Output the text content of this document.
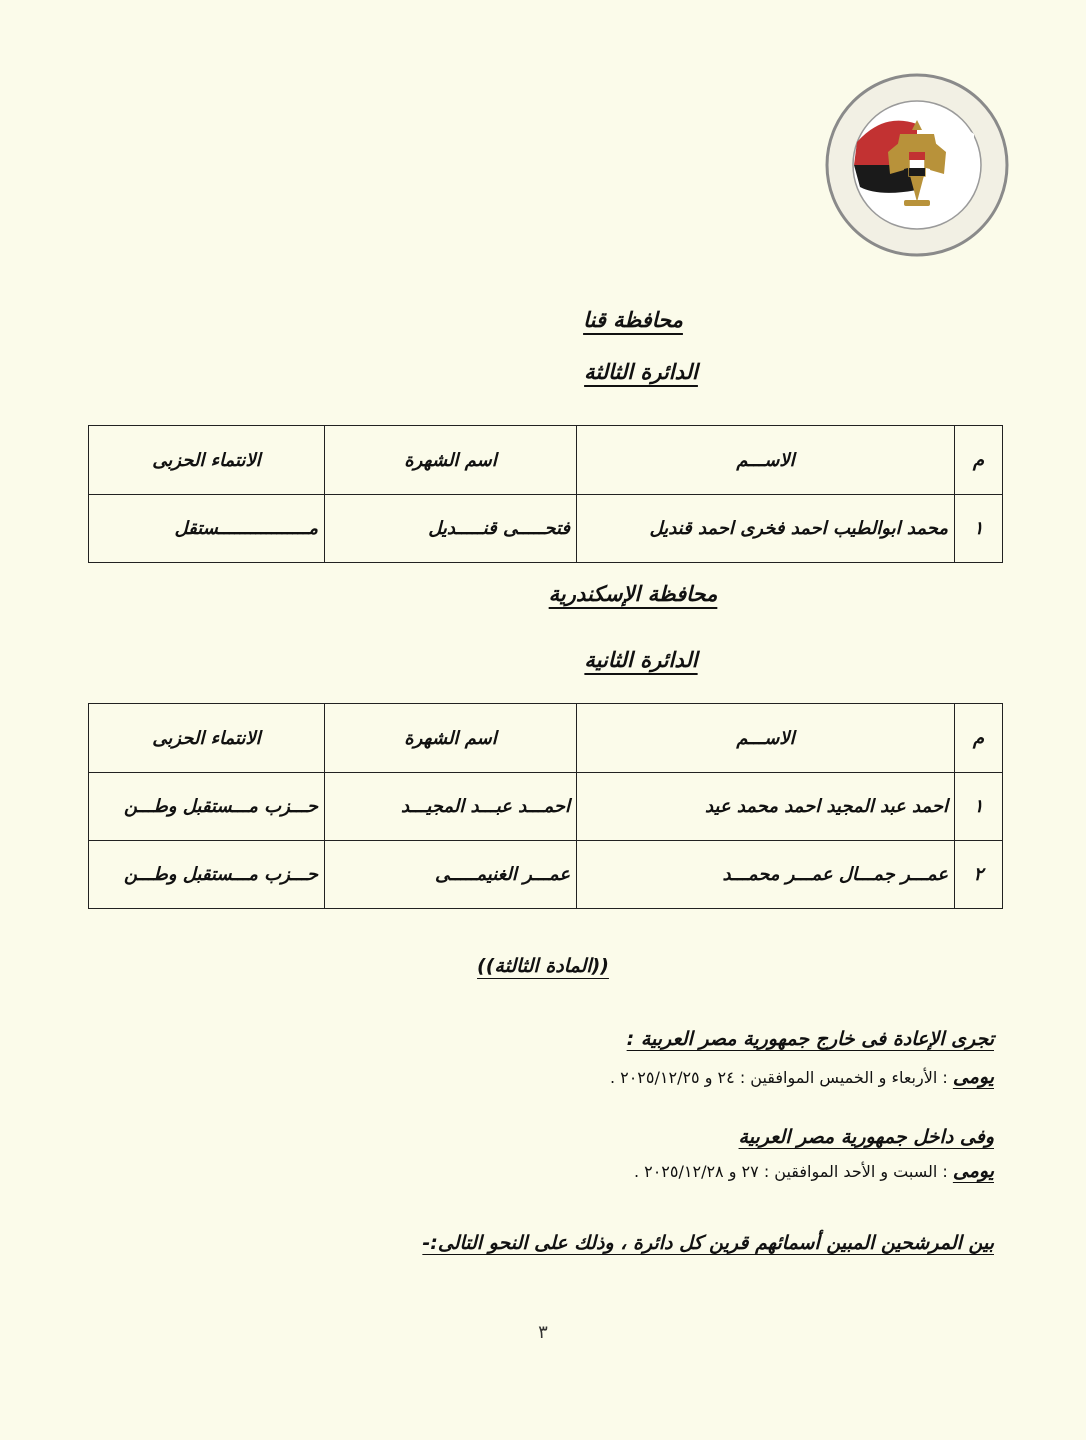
محافظة قنا
الدائرة الثالثة
م	الاســـم	اسم الشهرة	الانتماء الحزبى
١	محمد ابوالطيب احمد فخرى احمد قنديل	فتحـــــى قنـــــديل	مـــــــــــــــــستقل
محافظة الإسكندرية
الدائرة الثانية
م	الاســـم	اسم الشهرة	الانتماء الحزبى
١	احمد عبد المجيد احمد محمد عيد	احمـــد عبـــد المجيـــد	حـــزب مـــستقبل وطـــن
٢	عمـــر جمـــال عمـــر محمـــد	عمـــر الغنيمـــــى	حـــزب مـــستقبل وطـــن
((المادة الثالثة))
تجرى الإعادة فى خارج جمهورية مصر العربية :
يومى : الأربعاء و الخميس الموافقين : ٢٤ و ٢٠٢٥/١٢/٢٥ .
وفى داخل جمهورية مصر العربية
يومى : السبت و الأحد الموافقين : ٢٧ و ٢٠٢٥/١٢/٢٨ .
بين المرشحين المبين أسمائهم قرين كل دائرة ، وذلك على النحو التالى:-
٣
